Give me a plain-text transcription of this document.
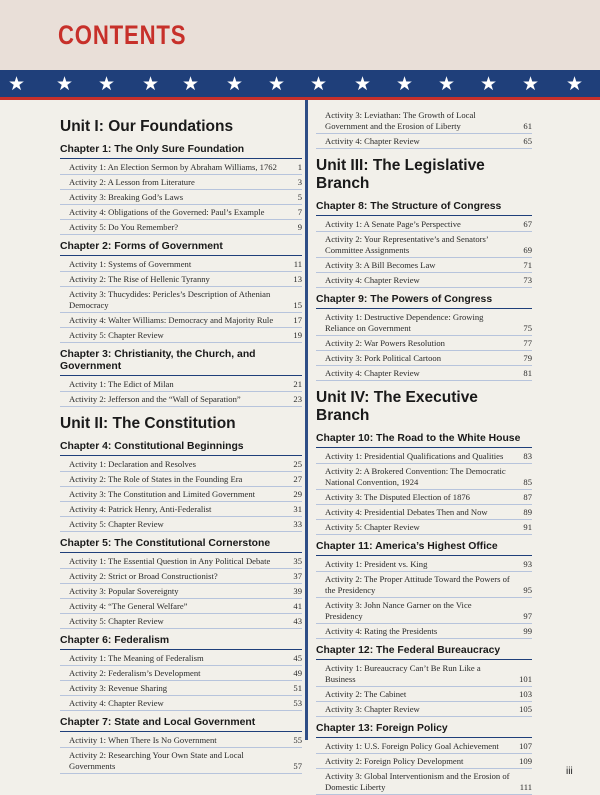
CONTENTS
★ ★ ★ ★ ★ ★ ★ ★ ★ ★ ★ ★ ★ ★
Unit I: Our Foundations
Chapter 1: The Only Sure Foundation
Activity 1: An Election Sermon by Abraham Williams, 1762	1
Activity 2: A Lesson from Literature	3
Activity 3: Breaking God’s Laws	5
Activity 4: Obligations of the Governed: Paul’s Example	7
Activity 5: Do You Remember?	9
Chapter 2: Forms of Government
Activity 1: Systems of Government	11
Activity 2: The Rise of Hellenic Tyranny	13
Activity 3: Thucydides: Pericles’s Description of Athenian Democracy	15
Activity 4: Walter Williams: Democracy and Majority Rule	17
Activity 5: Chapter Review	19
Chapter 3: Christianity, the Church, and Government
Activity 1: The Edict of Milan	21
Activity 2: Jefferson and the “Wall of Separation”	23
Unit II: The Constitution
Chapter 4: Constitutional Beginnings
Activity 1: Declaration and Resolves	25
Activity 2: The Role of States in the Founding Era	27
Activity 3: The Constitution and Limited Government	29
Activity 4: Patrick Henry, Anti-Federalist	31
Activity 5: Chapter Review	33
Chapter 5: The Constitutional Cornerstone
Activity 1: The Essential Question in Any Political Debate	35
Activity 2: Strict or Broad Constructionist?	37
Activity 3: Popular Sovereignty	39
Activity 4: “The General Welfare”	41
Activity 5: Chapter Review	43
Chapter 6: Federalism
Activity 1: The Meaning of Federalism	45
Activity 2: Federalism’s Development	49
Activity 3: Revenue Sharing	51
Activity 4: Chapter Review	53
Chapter 7: State and Local Government
Activity 1: When There Is No Government	55
Activity 2: Researching Your Own State and Local Governments	57
Activity 3: Leviathan: The Growth of Local Government and the Erosion of Liberty	61
Activity 4: Chapter Review	65
Unit III: The Legislative Branch
Chapter 8: The Structure of Congress
Activity 1: A Senate Page’s Perspective	67
Activity 2: Your Representative’s and Senators’ Committee Assignments	69
Activity 3: A Bill Becomes Law	71
Activity 4: Chapter Review	73
Chapter 9: The Powers of Congress
Activity 1: Destructive Dependence: Growing Reliance on Government	75
Activity 2: War Powers Resolution	77
Activity 3: Pork Political Cartoon	79
Activity 4: Chapter Review	81
Unit IV: The Executive Branch
Chapter 10: The Road to the White House
Activity 1: Presidential Qualifications and Qualities	83
Activity 2: A Brokered Convention: The Democratic National Convention, 1924	85
Activity 3: The Disputed Election of 1876	87
Activity 4: Presidential Debates Then and Now	89
Activity 5: Chapter Review	91
Chapter 11: America’s Highest Office
Activity 1: President vs. King	93
Activity 2: The Proper Attitude Toward the Powers of the Presidency	95
Activity 3: John Nance Garner on the Vice Presidency	97
Activity 4: Rating the Presidents	99
Chapter 12: The Federal Bureaucracy
Activity 1: Bureaucracy Can’t Be Run Like a Business	101
Activity 2: The Cabinet	103
Activity 3: Chapter Review	105
Chapter 13: Foreign Policy
Activity 1: U.S. Foreign Policy Goal Achievement	107
Activity 2: Foreign Policy Development	109
Activity 3: Global Interventionism and the Erosion of Domestic Liberty	111
iii
